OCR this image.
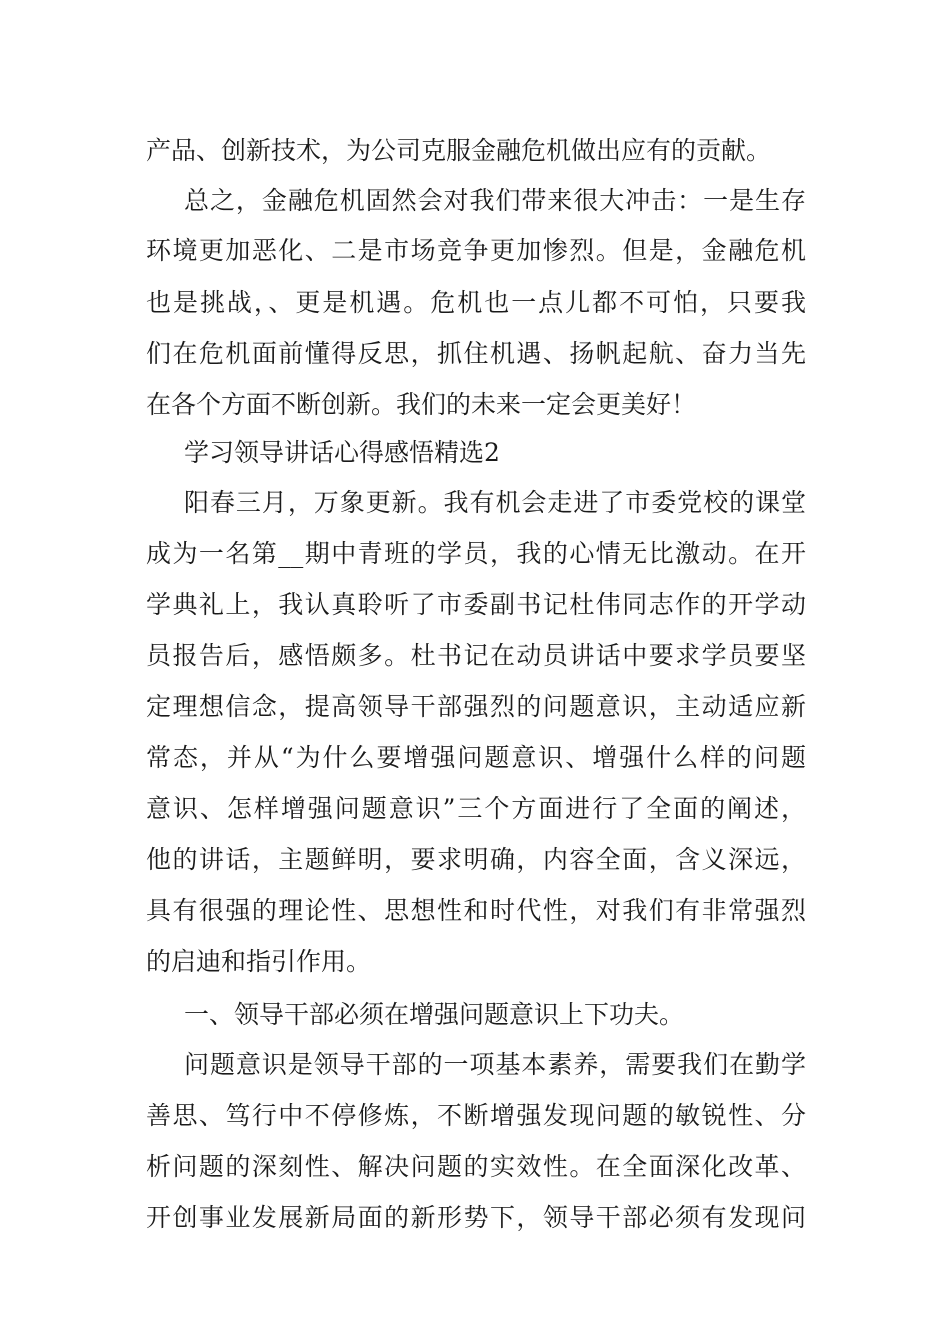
产品、创新技术，为公司克服金融危机做出应有的贡献。
总之，金融危机固然会对我们带来很大冲击：一是生存
环境更加恶化、二是市场竞争更加惨烈。但是，金融危机
也是挑战，、更是机遇。危机也一点儿都不可怕，只要我
们在危机面前懂得反思，抓住机遇、扬帆起航、奋力当先
在各个方面不断创新。我们的未来一定会更美好！
学习领导讲话心得感悟精选2
阳春三月，万象更新。我有机会走进了市委党校的课堂
成为一名第__期中青班的学员，我的心情无比激动。在开
学典礼上，我认真聆听了市委副书记杜伟同志作的开学动
员报告后，感悟颇多。杜书记在动员讲话中要求学员要坚
定理想信念，提高领导干部强烈的问题意识，主动适应新
常态，并从“为什么要增强问题意识、增强什么样的问题
意识、怎样增强问题意识”三个方面进行了全面的阐述，
他的讲话，主题鲜明，要求明确，内容全面，含义深远，
具有很强的理论性、思想性和时代性，对我们有非常强烈
的启迪和指引作用。
一、领导干部必须在增强问题意识上下功夫。
问题意识是领导干部的一项基本素养，需要我们在勤学
善思、笃行中不停修炼，不断增强发现问题的敏锐性、分
析问题的深刻性、解决问题的实效性。在全面深化改革、
开创事业发展新局面的新形势下，领导干部必须有发现问
